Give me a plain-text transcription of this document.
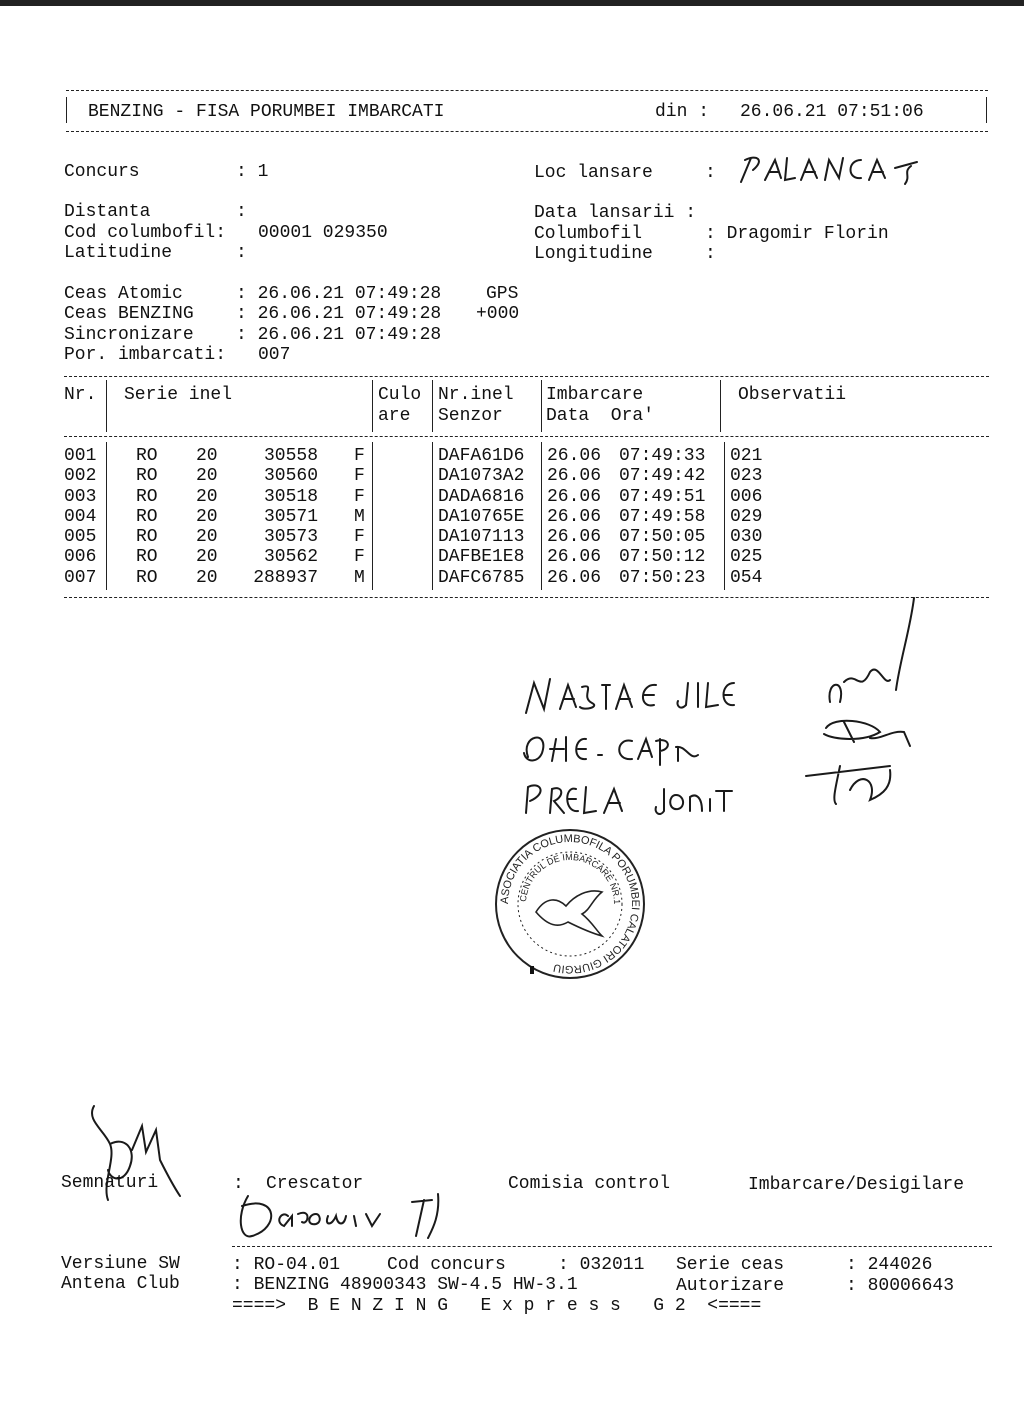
BENZING - FISA PORUMBEI IMBARCATI	din : 26.06.21 07:51:06
Concurs	: 1	Loc lansare	:
Distanta	:
Cod columbofil: 00001 029350
Latitudine	:
Data lansarii :
Columbofil	: Dragomir Florin
Longitudine	:
Ceas Atomic	: 26.06.21 07:49:28 GPS
Ceas BENZING : 26.06.21 07:49:28 +000
Sincronizare : 26.06.21 07:49:28
Por. imbarcati: 007
Nr. Serie inel	Culo
are
Nr.inel
Senzor
Imbarcare
Data  Ora'
Observatii
001 RO 20	30558 F	DAFA61D6 26.06 07:49:33 021
002 RO 20	30560 F	DA1073A2 26.06 07:49:42 023
003 RO 20	30518 F	DADA6816 26.06 07:49:51 006
004 RO 20	30571 M	DA10765E 26.06 07:49:58 029
005 RO 20	30573 F	DA107113 26.06 07:50:05 030
006 RO 20	30562 F	DAFBE1E8 26.06 07:50:12 025
007 RO 20 288937 M	DAFC6785 26.06 07:50:23 054
ASOCIATIA COLUMBOFILA PORUMBEI CALATORI GIURGIU
CENTRUL DE IMBARCARE NR.1 COSOBA
Semnaturi	: Crescator	Comisia control	Imbarcare/Desigilare
Versiune SW	: RO-04.01	Cod concurs	: 032011 Serie ceas	: 244026
Antena Club	: BENZING 48900343 SW-4.5 HW-3.1	Autorizare	: 80006643
====>  B E N Z I N G   E x p r e s s   G 2  <====
